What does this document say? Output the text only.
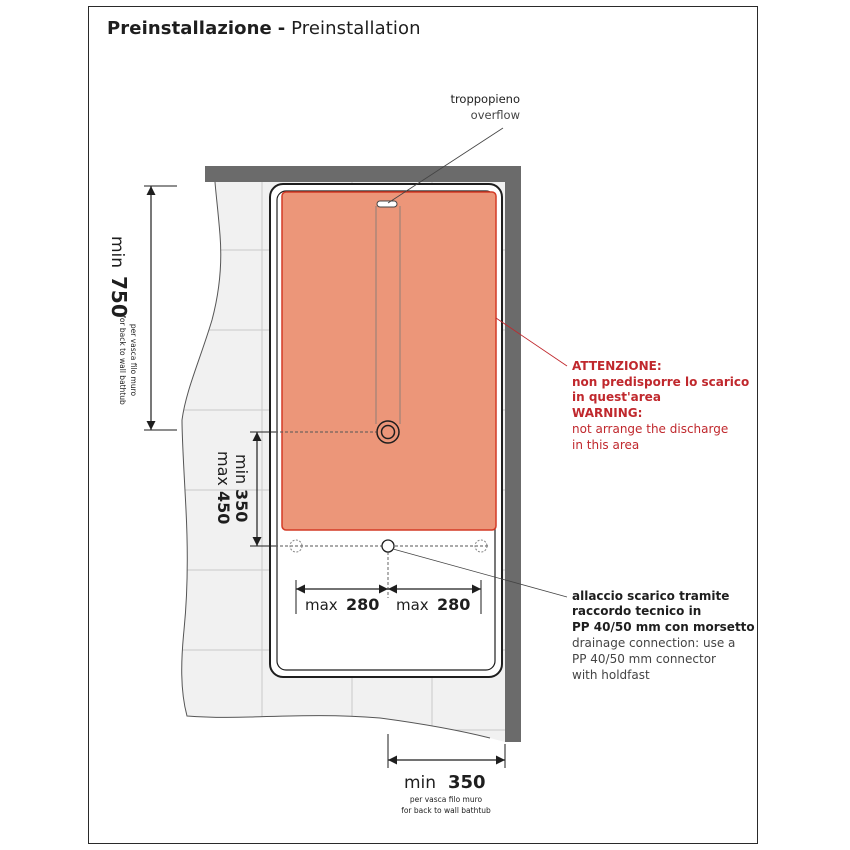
Preinstallazione - Preinstallation
min
750
per vasca filo muro
for back to wall bathtub
min
350
max
450
max 280 max 280
min 350
per vasca filo muro
for back to wall bathtub
troppopieno
overflow
ATTENZIONE:
non predisporre lo scarico
in quest'area
WARNING:
not arrange the discharge
in this area
allaccio scarico tramite
raccordo tecnico in
PP 40/50 mm con morsetto
drainage connection: use a
PP 40/50 mm connector
with holdfast
